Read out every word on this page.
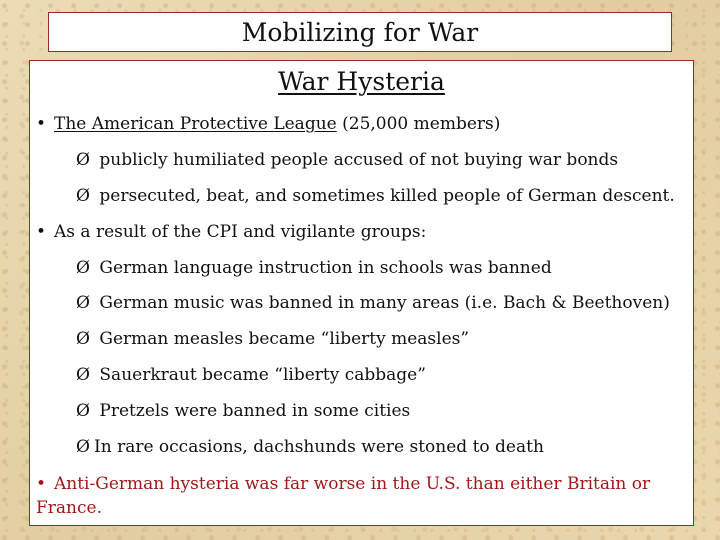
Mobilizing for War
War Hysteria
• The American Protective League (25,000 members)
Ø publicly humiliated people accused of not buying war bonds
Ø persecuted, beat, and sometimes killed people of German descent.
• As a result of the CPI and vigilante groups:
Ø German language instruction in schools was banned
Ø German music was banned in many areas (i.e. Bach & Beethoven)
Ø German measles became “liberty measles”
Ø Sauerkraut became “liberty cabbage”
Ø Pretzels were banned in some cities
Ø In rare occasions, dachshunds were stoned to death
• Anti-German hysteria was far worse in the U.S. than either Britain or France.
